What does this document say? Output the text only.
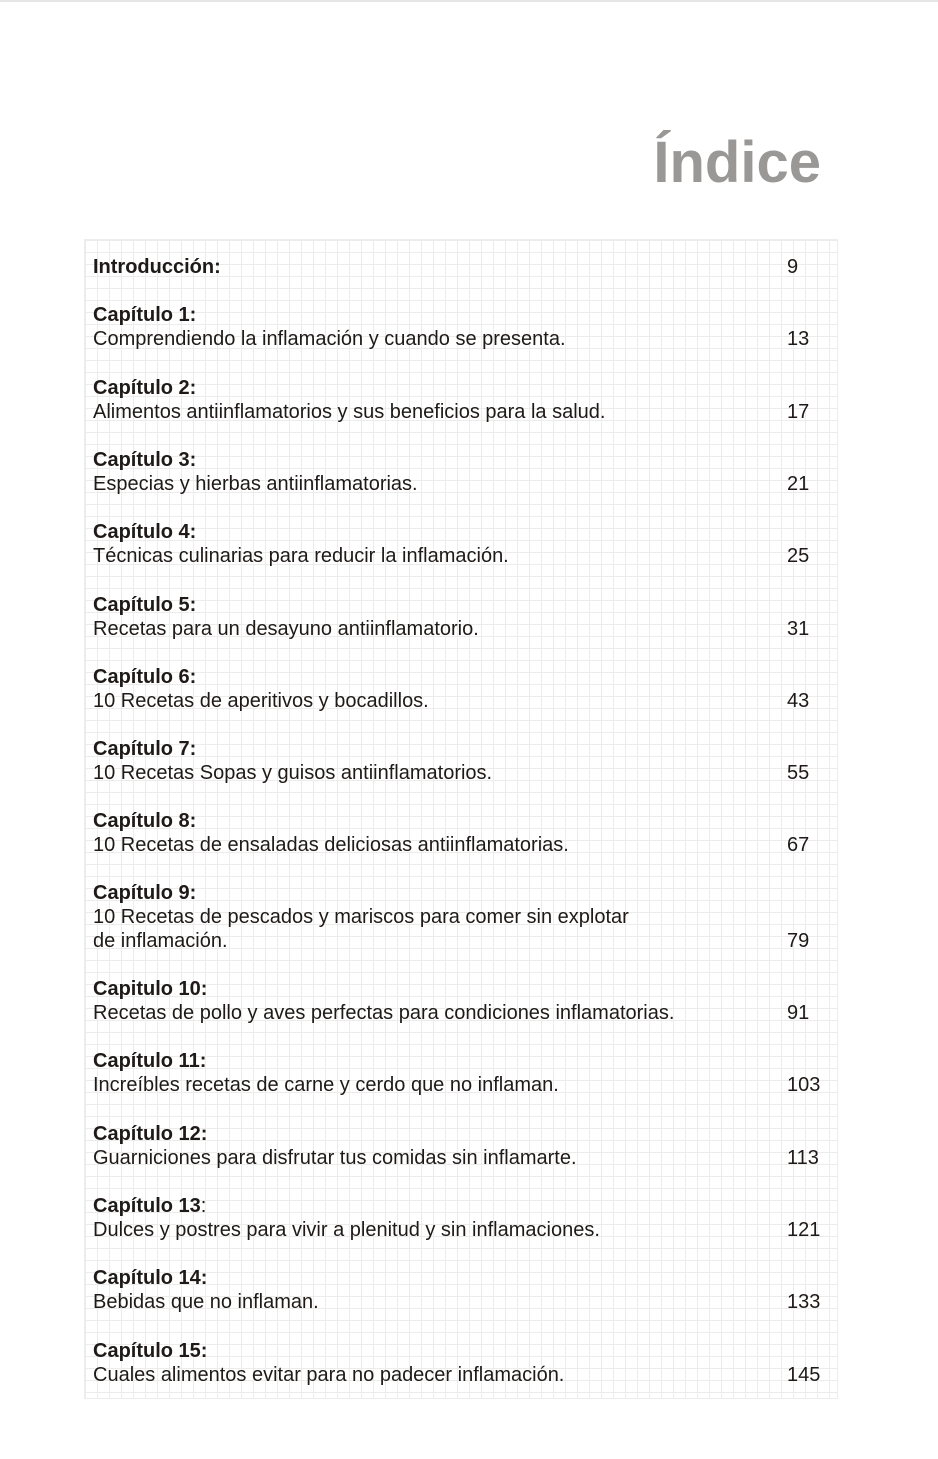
Índice
Introducción:	9
Capítulo 1:
Comprendiendo la inflamación y cuando se presenta.	13
Capítulo 2:
Alimentos antiinflamatorios y sus beneficios para la salud.	17
Capítulo 3:
Especias y hierbas antiinflamatorias.	21
Capítulo 4:
Técnicas culinarias para reducir la inflamación.	25
Capítulo 5:
Recetas para un desayuno antiinflamatorio.	31
Capítulo 6:
10 Recetas de aperitivos y bocadillos.	43
Capítulo 7:
10 Recetas Sopas y guisos antiinflamatorios.	55
Capítulo 8:
10 Recetas de ensaladas deliciosas antiinflamatorias.	67
Capítulo 9:
10 Recetas de pescados y mariscos para comer sin explotar
de inflamación.	79
Capitulo 10:
Recetas de pollo y aves perfectas para condiciones inflamatorias.	91
Capítulo 11:
Increíbles recetas de carne y cerdo que no inflaman.	103
Capítulo 12:
Guarniciones para disfrutar tus comidas sin inflamarte.	113
Capítulo 13:
Dulces y postres para vivir a plenitud y sin inflamaciones.	121
Capítulo 14:
Bebidas que no inflaman.	133
Capítulo 15:
Cuales alimentos evitar para no padecer inflamación.	145
